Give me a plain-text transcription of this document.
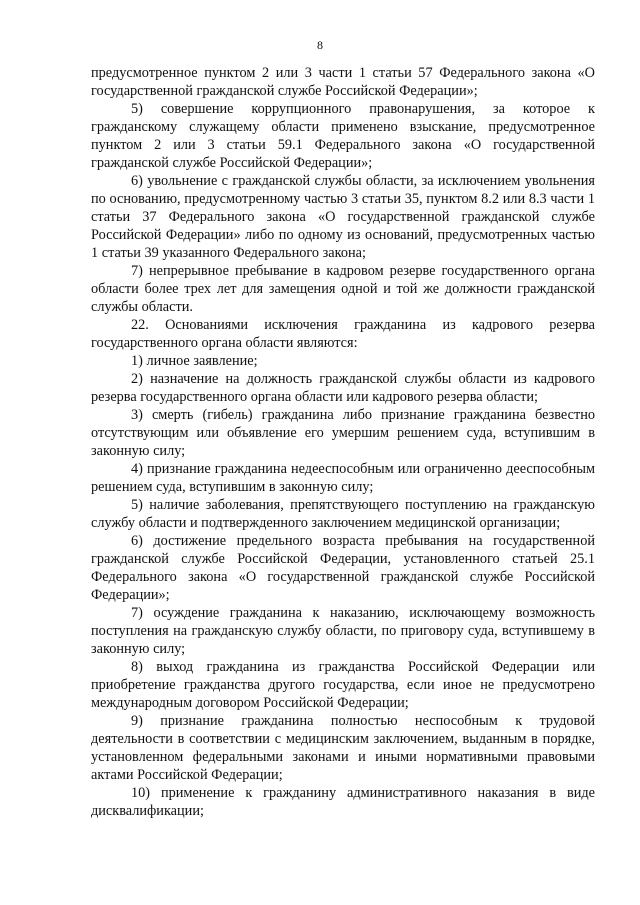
8

предусмотренное пунктом 2 или 3 части 1 статьи 57 Федерального закона «О государственной гражданской службе Российской Федерации»;

5) совершение коррупционного правонарушения, за которое к гражданскому служащему области применено взыскание, предусмотренное пунктом 2 или 3 статьи 59.1 Федерального закона «О государственной гражданской службе Российской Федерации»;

6) увольнение с гражданской службы области, за исключением увольнения по основанию, предусмотренному частью 3 статьи 35, пунктом 8.2 или 8.3 части 1 статьи 37 Федерального закона «О государственной гражданской службе Российской Федерации» либо по одному из оснований, предусмотренных частью 1 статьи 39 указанного Федерального закона;

7) непрерывное пребывание в кадровом резерве государственного органа области более трех лет для замещения одной и той же должности гражданской службы области.

22. Основаниями исключения гражданина из кадрового резерва государственного органа области являются:

1) личное заявление;

2) назначение на должность гражданской службы области из кадрового резерва государственного органа области или кадрового резерва области;

3) смерть (гибель) гражданина либо признание гражданина безвестно отсутствующим или объявление его умершим решением суда, вступившим в законную силу;

4) признание гражданина недееспособным или ограниченно дееспособным решением суда, вступившим в законную силу;

5) наличие заболевания, препятствующего поступлению на гражданскую службу области и подтвержденного заключением медицинской организации;

6) достижение предельного возраста пребывания на государственной гражданской службе Российской Федерации, установленного статьей 25.1 Федерального закона «О государственной гражданской службе Российской Федерации»;

7) осуждение гражданина к наказанию, исключающему возможность поступления на гражданскую службу области, по приговору суда, вступившему в законную силу;

8) выход гражданина из гражданства Российской Федерации или приобретение гражданства другого государства, если иное не предусмотрено международным договором Российской Федерации;

9) признание гражданина полностью неспособным к трудовой деятельности в соответствии с медицинским заключением, выданным в порядке, установленном федеральными законами и иными нормативными правовыми актами Российской Федерации;

10) применение к гражданину административного наказания в виде дисквалификации;
